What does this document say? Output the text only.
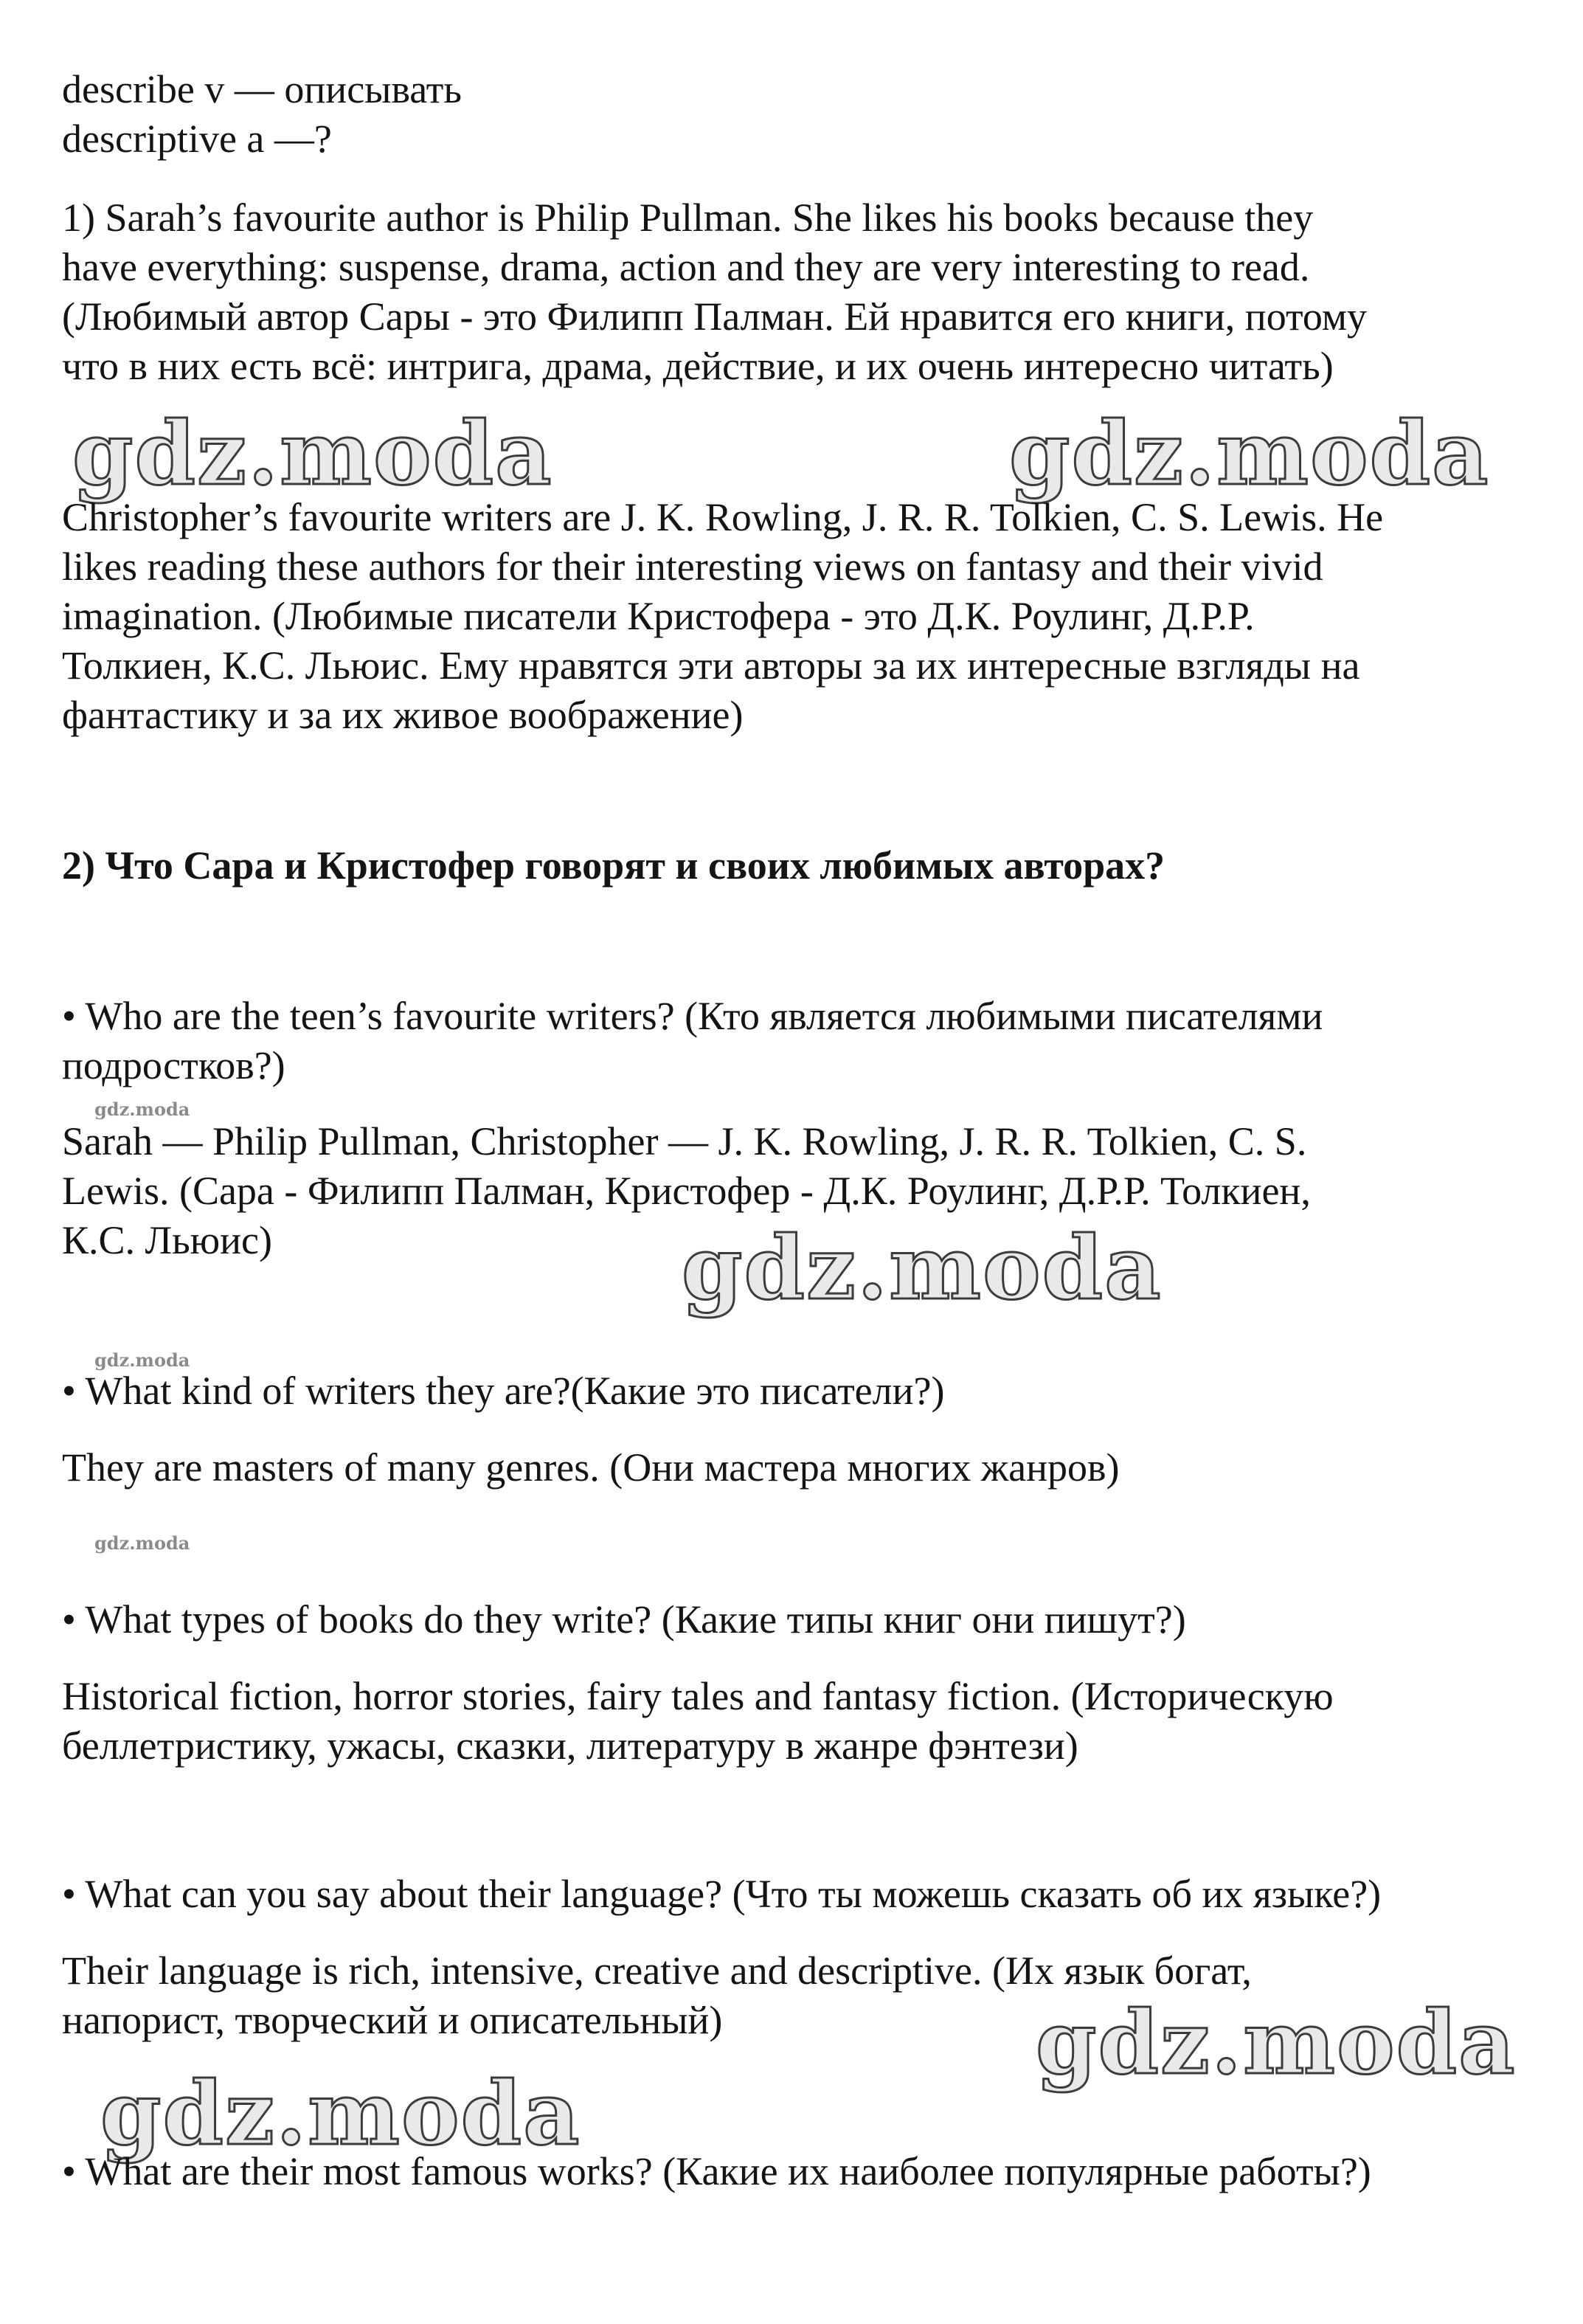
describe v — описывать
descriptive a —?

1) Sarah’s favourite author is Philip Pullman. She likes his books because they
have everything: suspense, drama, action and they are very interesting to read.
(Любимый автор Сары - это Филипп Палман. Ей нравится его книги, потому
что в них есть всё: интрига, драма, действие, и их очень интересно читать)

gdz.moda	gdz.moda

Christopher’s favourite writers are J. K. Rowling, J. R. R. Tolkien, C. S. Lewis. He
likes reading these authors for their interesting views on fantasy and their vivid
imagination. (Любимые писатели Кристофера - это Д.К. Роулинг, Д.Р.Р.
Толкиен, К.С. Льюис. Ему нравятся эти авторы за их интересные взгляды на
фантастику и за их живое воображение)

2) Что Сара и Кристофер говорят и своих любимых авторах?

• Who are the teen’s favourite writers? (Кто является любимыми писателями
подростков?)

gdz.moda

Sarah — Philip Pullman, Christopher — J. K. Rowling, J. R. R. Tolkien, C. S.
Lewis. (Сара - Филипп Палман, Кристофер - Д.К. Роулинг, Д.Р.Р. Толкиен,
К.С. Льюис)	gdz.moda
gdz.moda

• What kind of writers they are?(Какие это писатели?)

They are masters of many genres. (Они мастера многих жанров)

gdz.moda

• What types of books do they write? (Какие типы книг они пишут?)

Historical fiction, horror stories, fairy tales and fantasy fiction. (Историческую
беллетристику, ужасы, сказки, литературу в жанре фэнтези)

• What can you say about their language? (Что ты можешь сказать об их языке?)

Their language is rich, intensive, creative and descriptive. (Их язык богат,
напорист, творческий и описательный)	gdz.moda
gdz.moda

• What are their most famous works? (Какие их наиболее популярные работы?)
